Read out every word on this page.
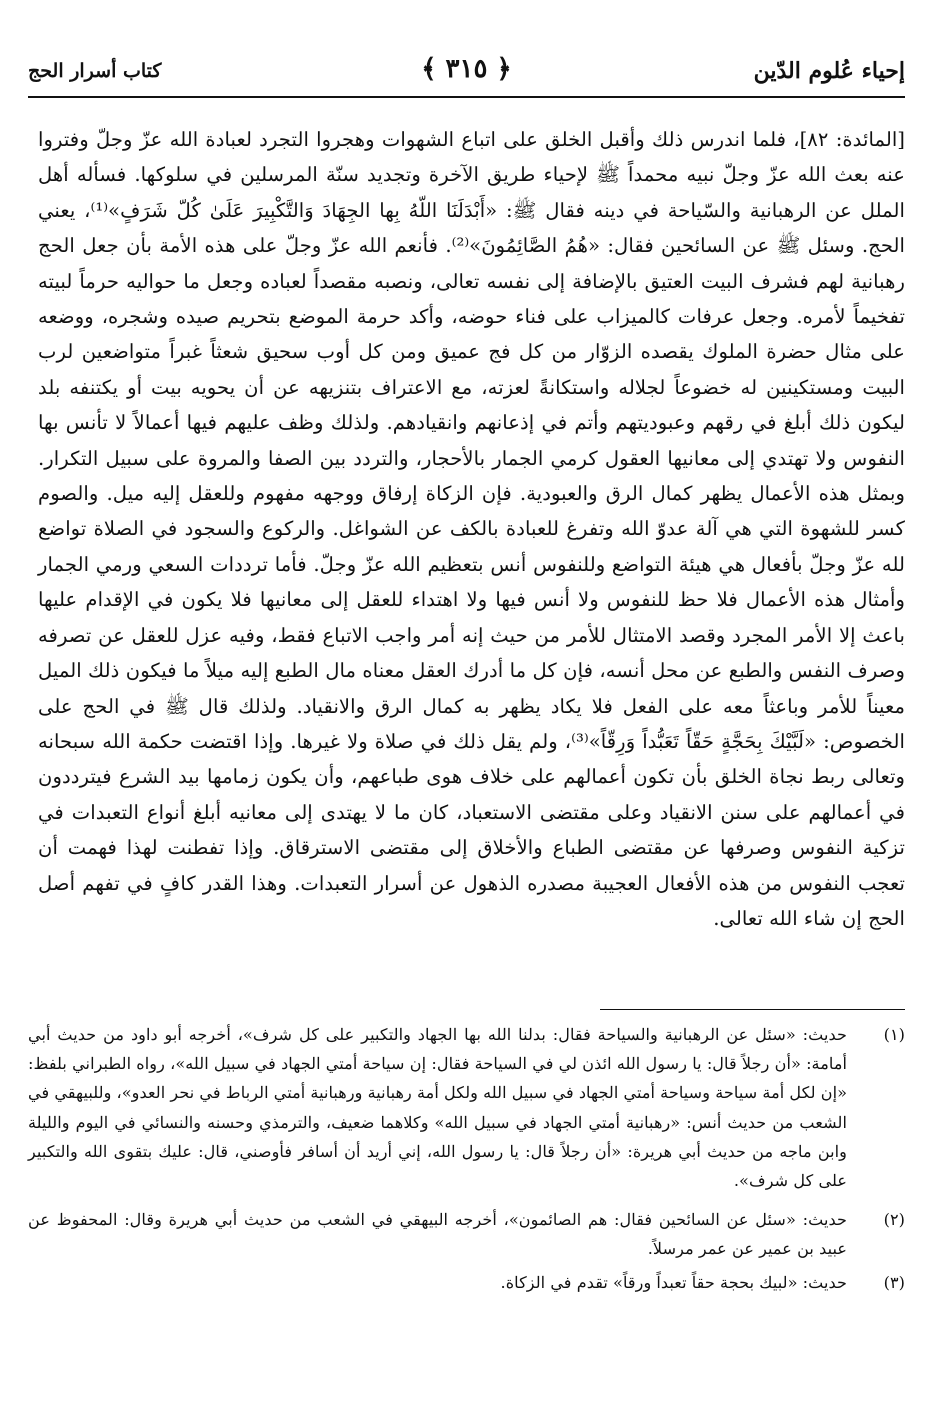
إحياء عُلوم الدّين
﴿ ٣١٥ ﴾
كتاب أسرار الحج

[المائدة: ٨٢]، فلما اندرس ذلك وأقبل الخلق على اتباع الشهوات وهجروا التجرد لعبادة الله عزّ وجلّ وفتروا عنه بعث الله عزّ وجلّ نبيه محمداً ﷺ لإحياء طريق الآخرة وتجديد سنّة المرسلين في سلوكها. فسأله أهل الملل عن الرهبانية والسّياحة في دينه فقال ﷺ: «أَبْدَلَنَا اللّهُ بِها الجِهَادَ وَالتَّكْبِيرَ عَلَىٰ كُلّ شَرَفٍ»⁽¹⁾، يعني الحج. وسئل ﷺ عن السائحين فقال: «هُمُ الصَّائِمُونَ»⁽²⁾. فأنعم الله عزّ وجلّ على هذه الأمة بأن جعل الحج رهبانية لهم فشرف البيت العتيق بالإضافة إلى نفسه تعالى، ونصبه مقصداً لعباده وجعل ما حواليه حرماً لبيته تفخيماً لأمره. وجعل عرفات كالميزاب على فناء حوضه، وأكد حرمة الموضع بتحريم صيده وشجره، ووضعه على مثال حضرة الملوك يقصده الزوّار من كل فج عميق ومن كل أوب سحيق شعثاً غبراً متواضعين لرب البيت ومستكينين له خضوعاً لجلاله واستكانةً لعزته، مع الاعتراف بتنزيهه عن أن يحويه بيت أو يكتنفه بلد ليكون ذلك أبلغ في رقهم وعبوديتهم وأتم في إذعانهم وانقيادهم. ولذلك وظف عليهم فيها أعمالاً لا تأنس بها النفوس ولا تهتدي إلى معانيها العقول كرمي الجمار بالأحجار، والتردد بين الصفا والمروة على سبيل التكرار. وبمثل هذه الأعمال يظهر كمال الرق والعبودية. فإن الزكاة إرفاق ووجهه مفهوم وللعقل إليه ميل. والصوم كسر للشهوة التي هي آلة عدوّ الله وتفرغ للعبادة بالكف عن الشواغل. والركوع والسجود في الصلاة تواضع لله عزّ وجلّ بأفعال هي هيئة التواضع وللنفوس أنس بتعظيم الله عزّ وجلّ. فأما ترددات السعي ورمي الجمار وأمثال هذه الأعمال فلا حظ للنفوس ولا أنس فيها ولا اهتداء للعقل إلى معانيها فلا يكون في الإقدام عليها باعث إلا الأمر المجرد وقصد الامتثال للأمر من حيث إنه أمر واجب الاتباع فقط، وفيه عزل للعقل عن تصرفه وصرف النفس والطبع عن محل أنسه، فإن كل ما أدرك العقل معناه مال الطبع إليه ميلاً ما فيكون ذلك الميل معيناً للأمر وباعثاً معه على الفعل فلا يكاد يظهر به كمال الرق والانقياد. ولذلك قال ﷺ في الحج على الخصوص: «لَبَّيْكَ بِحَجَّةٍ حَقّاً تَعَبُّداً وَرِقّاً»⁽³⁾، ولم يقل ذلك في صلاة ولا غيرها. وإذا اقتضت حكمة الله سبحانه وتعالى ربط نجاة الخلق بأن تكون أعمالهم على خلاف هوى طباعهم، وأن يكون زمامها بيد الشرع فيترددون في أعمالهم على سنن الانقياد وعلى مقتضى الاستعباد، كان ما لا يهتدى إلى معانيه أبلغ أنواع التعبدات في تزكية النفوس وصرفها عن مقتضى الطباع والأخلاق إلى مقتضى الاسترقاق. وإذا تفطنت لهذا فهمت أن تعجب النفوس من هذه الأفعال العجيبة مصدره الذهول عن أسرار التعبدات. وهذا القدر كافٍ في تفهم أصل الحج إن شاء الله تعالى.

(١)
حديث: «سئل عن الرهبانية والسياحة فقال: بدلنا الله بها الجهاد والتكبير على كل شرف»، أخرجه أبو داود من حديث أبي أمامة: «أن رجلاً قال: يا رسول الله ائذن لي في السياحة فقال: إن سياحة أمتي الجهاد في سبيل الله»، رواه الطبراني بلفظ: «إن لكل أمة سياحة وسياحة أمتي الجهاد في سبيل الله ولكل أمة رهبانية ورهبانية أمتي الرباط في نحر العدو»، وللبيهقي في الشعب من حديث أنس: «رهبانية أمتي الجهاد في سبيل الله» وكلاهما ضعيف، والترمذي وحسنه والنسائي في اليوم والليلة وابن ماجه من حديث أبي هريرة: «أن رجلاً قال: يا رسول الله، إني أريد أن أسافر فأوصني، قال: عليك بتقوى الله والتكبير على كل شرف».
(٢)
حديث: «سئل عن السائحين فقال: هم الصائمون»، أخرجه البيهقي في الشعب من حديث أبي هريرة وقال: المحفوظ عن عبيد بن عمير عن عمر مرسلاً.
(٣)
حديث: «لبيك بحجة حقاً تعبداً ورقاً» تقدم في الزكاة.
